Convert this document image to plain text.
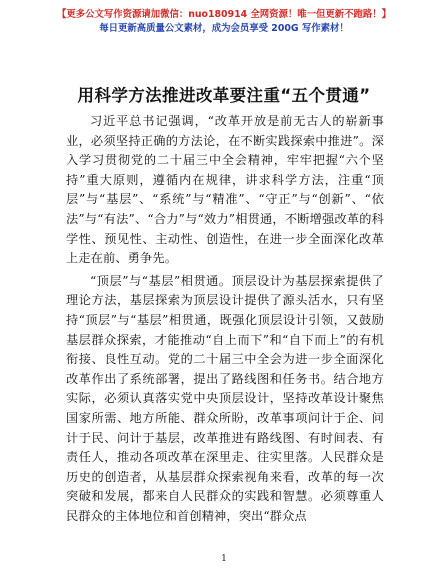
【更多公文写作资源请加微信：nuo180914 全网资源！唯一但更新不跑路！】
每日更新高质量公文素材，成为会员享受 200G 写作素材！
用科学方法推进改革要注重“五个贯通”

习近平总书记强调，“改革开放是前无古人的崭新事业，必须坚持正确的方法论，在不断实践探索中推进”。深入学习贯彻党的二十届三中全会精神，牢牢把握“六个坚持”重大原则，遵循内在规律，讲求科学方法，注重“顶层”与“基层”、“系统”与“精准”、“守正”与“创新”、“依法”与“有法”、“合力”与“效力”相贯通，不断增强改革的科学性、预见性、主动性、创造性，在进一步全面深化改革上走在前、勇争先。

“顶层”与“基层”相贯通。顶层设计为基层探索提供了理论方法，基层探索为顶层设计提供了源头活水，只有坚持“顶层”与“基层”相贯通，既强化顶层设计引领，又鼓励基层群众探索，才能推动“自上而下”和“自下而上”的有机衔接、良性互动。党的二十届三中全会为进一步全面深化改革作出了系统部署，提出了路线图和任务书。结合地方实际，必须认真落实党中央顶层设计，坚持改革设计聚焦国家所需、地方所能、群众所盼，改革事项问计于企、问计于民、问计于基层，改革推进有路线图、有时间表、有责任人，推动各项改革在深里走、往实里落。人民群众是历史的创造者，从基层群众探索视角来看，改革的每一次突破和发展，都来自人民群众的实践和智慧。必须尊重人民群众的主体地位和首创精神，突出“群众点

1
